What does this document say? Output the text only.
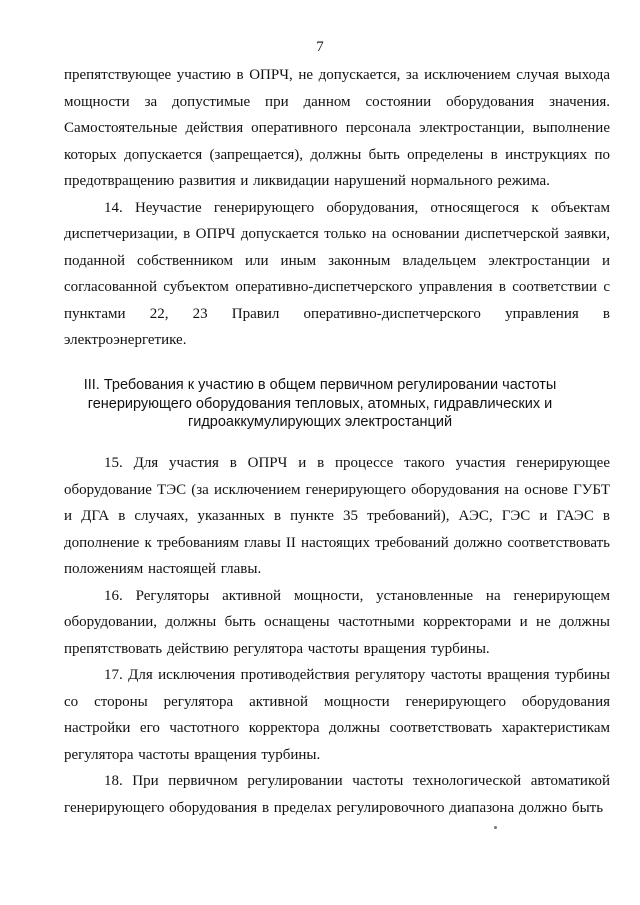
7

препятствующее участию в ОПРЧ, не допускается, за исключением случая выхода мощности за допустимые при данном состоянии оборудования значения. Самостоятельные действия оперативного персонала электростанции, выполнение которых допускается (запрещается), должны быть определены в инструкциях по предотвращению развития и ликвидации нарушений нормального режима.

14. Неучастие генерирующего оборудования, относящегося к объектам диспетчеризации, в ОПРЧ допускается только на основании диспетчерской заявки, поданной собственником или иным законным владельцем электростанции и согласованной субъектом оперативно-диспетчерского управления в соответствии с пунктами 22, 23 Правил оперативно-диспетчерского управления в электроэнергетике.

III. Требования к участию в общем первичном регулировании частоты генерирующего оборудования тепловых, атомных, гидравлических и гидроаккумулирующих электростанций

15. Для участия в ОПРЧ и в процессе такого участия генерирующее оборудование ТЭС (за исключением генерирующего оборудования на основе ГУБТ и ДГА в случаях, указанных в пункте 35 требований), АЭС, ГЭС и ГАЭС в дополнение к требованиям главы II настоящих требований должно соответствовать положениям настоящей главы.

16. Регуляторы активной мощности, установленные на генерирующем оборудовании, должны быть оснащены частотными корректорами и не должны препятствовать действию регулятора частоты вращения турбины.

17. Для исключения противодействия регулятору частоты вращения турбины со стороны регулятора активной мощности генерирующего оборудования настройки его частотного корректора должны соответствовать характеристикам регулятора частоты вращения турбины.

18. При первичном регулировании частоты технологической автоматикой генерирующего оборудования в пределах регулировочного диапазона должно быть
